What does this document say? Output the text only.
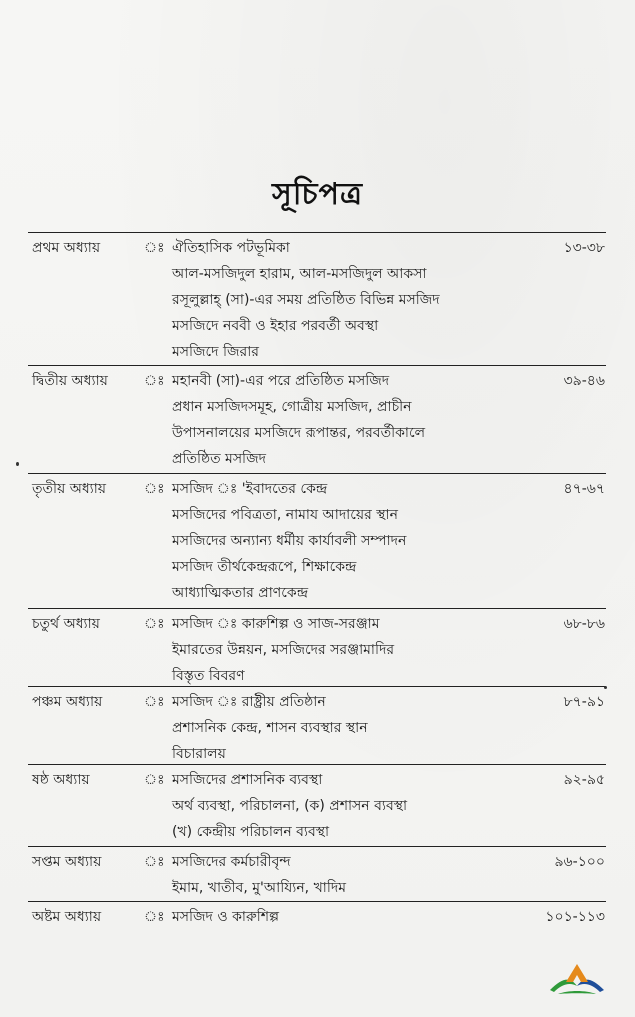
সূচিপত্র
প্রথম অধ্যায়	ঃ ঐতিহাসিক পটভূমিকা	১৩-৩৮
আল-মসজিদুল হারাম, আল-মসজিদুল আকসা
রসূলুল্লাহ্ (সা)-এর সময় প্রতিষ্ঠিত বিভিন্ন মসজিদ
মসজিদে নববী ও ইহার পরবর্তী অবস্থা
মসজিদে জিরার
দ্বিতীয় অধ্যায়	ঃ মহানবী (সা)-এর পরে প্রতিষ্ঠিত মসজিদ	৩৯-৪৬
প্রধান মসজিদসমূহ, গোত্রীয় মসজিদ, প্রাচীন
উপাসনালয়ের মসজিদে রূপান্তর, পরবর্তীকালে
প্রতিষ্ঠিত মসজিদ
তৃতীয় অধ্যায়	ঃ মসজিদ ঃ 'ইবাদতের কেন্দ্র	৪৭-৬৭
মসজিদের পবিত্রতা, নামায আদায়ের স্থান
মসজিদের অন্যান্য ধর্মীয় কার্যাবলী সম্পাদন
মসজিদ তীর্থকেন্দ্ররূপে, শিক্ষাকেন্দ্র
আধ্যাত্মিকতার প্রাণকেন্দ্র
চতুর্থ অধ্যায়	ঃ মসজিদ ঃ কারুশিল্প ও সাজ-সরঞ্জাম	৬৮-৮৬
ইমারতের উন্নয়ন, মসজিদের সরঞ্জামাদির
বিস্তৃত বিবরণ
পঞ্চম অধ্যায়	ঃ মসজিদ ঃ রাষ্ট্রীয় প্রতিষ্ঠান	৮৭-৯১
প্রশাসনিক কেন্দ্র, শাসন ব্যবস্থার স্থান
বিচারালয়
ষষ্ঠ অধ্যায়	ঃ মসজিদের প্রশাসনিক ব্যবস্থা	৯২-৯৫
অর্থ ব্যবস্থা, পরিচালনা, (ক) প্রশাসন ব্যবস্থা
(খ) কেন্দ্রীয় পরিচালন ব্যবস্থা
সপ্তম অধ্যায়	ঃ মসজিদের কর্মচারীবৃন্দ	৯৬-১০০
ইমাম, খাতীব, মু'আয্যিন, খাদিম
অষ্টম অধ্যায়	ঃ মসজিদ ও কারুশিল্প	১০১-১১৩
